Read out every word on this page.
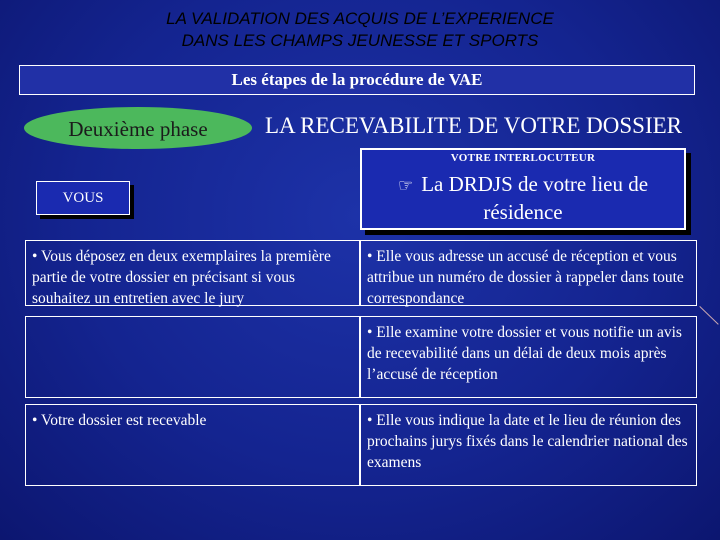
LA VALIDATION DES ACQUIS DE L’EXPERIENCE
DANS LES CHAMPS JEUNESSE ET SPORTS
Les étapes de la procédure de VAE
Deuxième phase	LA RECEVABILITE DE VOTRE DOSSIER
VOUS
VOTRE INTERLOCUTEUR
☞ La DRDJS de votre lieu de
résidence
• Vous déposez en deux exemplaires la première partie de votre dossier en précisant si vous souhaitez un entretien avec le jury
• Elle vous adresse un accusé de réception et vous attribue un numéro de dossier à rappeler dans toute correspondance
• Elle examine votre dossier et vous notifie un avis de recevabilité dans un délai de deux mois après l’accusé de réception
• Votre dossier est recevable	• Elle vous indique la date et le lieu de réunion des prochains jurys fixés dans le calendrier national des examens
